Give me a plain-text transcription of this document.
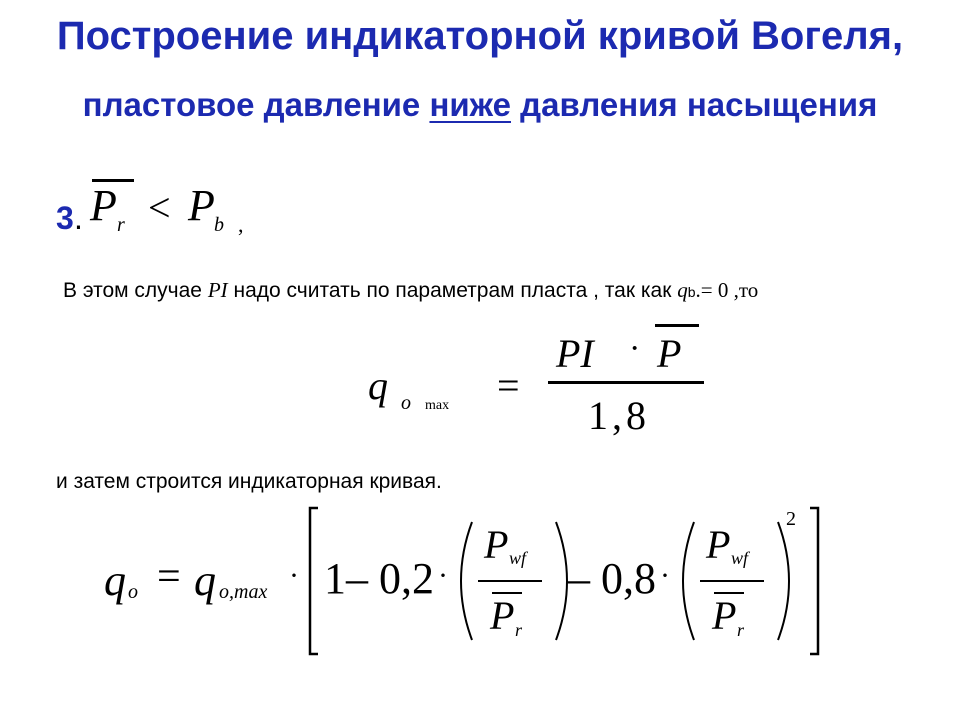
Построение индикаторной кривой Вогеля,
пластовое давление ниже давления насыщения
3 . P r < P b ,
В этом случае PI надо считать по параметрам пласта , так как qb.= 0 ,то
q o max =
PI · P
1,8
и затем строится индикаторная кривая.
q o = q o,max · 1– 0,2 ·
P wf
P r
– 0,8 ·
P wf
P r
2
